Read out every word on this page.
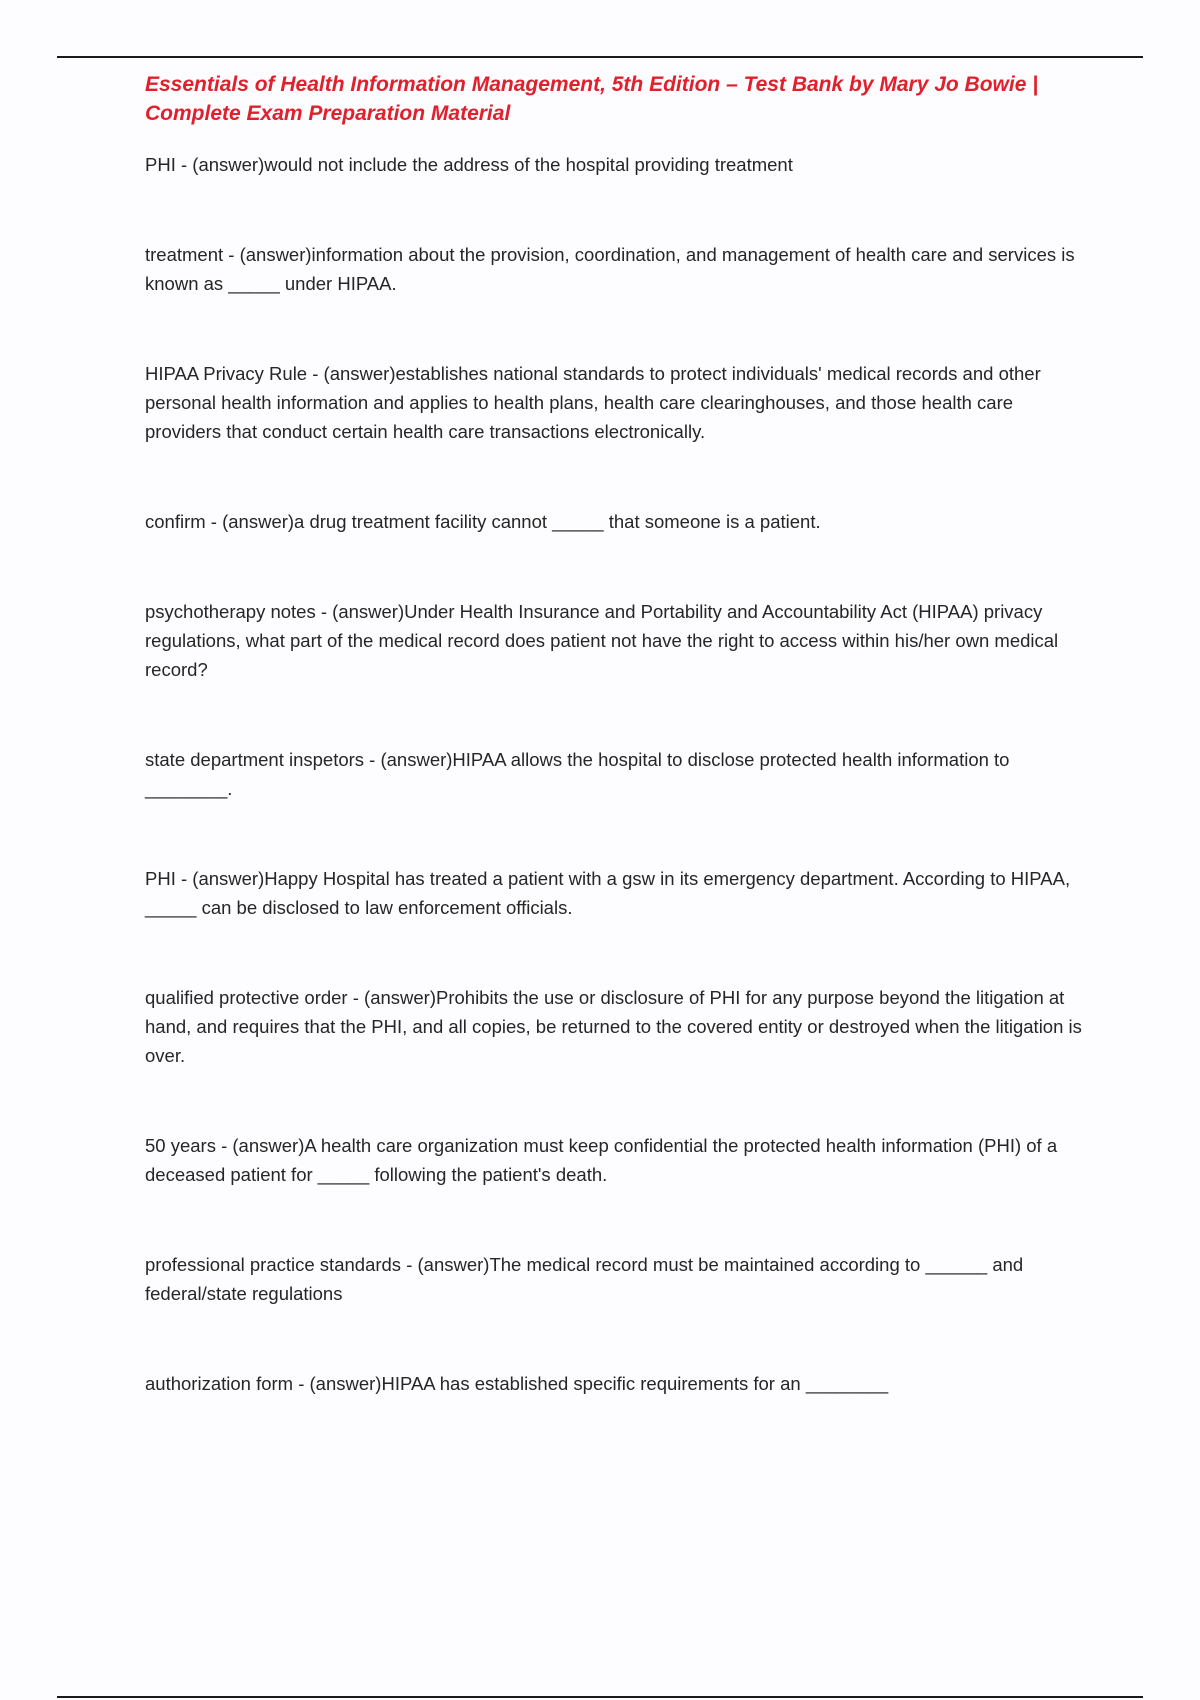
Essentials of Health Information Management, 5th Edition – Test Bank by Mary Jo Bowie |
Complete Exam Preparation Material

PHI - (answer)would not include the address of the hospital providing treatment

treatment - (answer)information about the provision, coordination, and management of health care and services is known as _____ under HIPAA.

HIPAA Privacy Rule - (answer)establishes national standards to protect individuals' medical records and other personal health information and applies to health plans, health care clearinghouses, and those health care providers that conduct certain health care transactions electronically.

confirm - (answer)a drug treatment facility cannot _____ that someone is a patient.

psychotherapy notes - (answer)Under Health Insurance and Portability and Accountability Act (HIPAA) privacy regulations, what part of the medical record does patient not have the right to access within his/her own medical record?

state department inspetors - (answer)HIPAA allows the hospital to disclose protected health information to ________.

PHI - (answer)Happy Hospital has treated a patient with a gsw in its emergency department. According to HIPAA, _____ can be disclosed to law enforcement officials.

qualified protective order - (answer)Prohibits the use or disclosure of PHI for any purpose beyond the litigation at hand, and requires that the PHI, and all copies, be returned to the covered entity or destroyed when the litigation is over.

50 years - (answer)A health care organization must keep confidential the protected health information (PHI) of a deceased patient for _____ following the patient's death.

professional practice standards - (answer)The medical record must be maintained according to ______ and federal/state regulations

authorization form - (answer)HIPAA has established specific requirements for an ________
